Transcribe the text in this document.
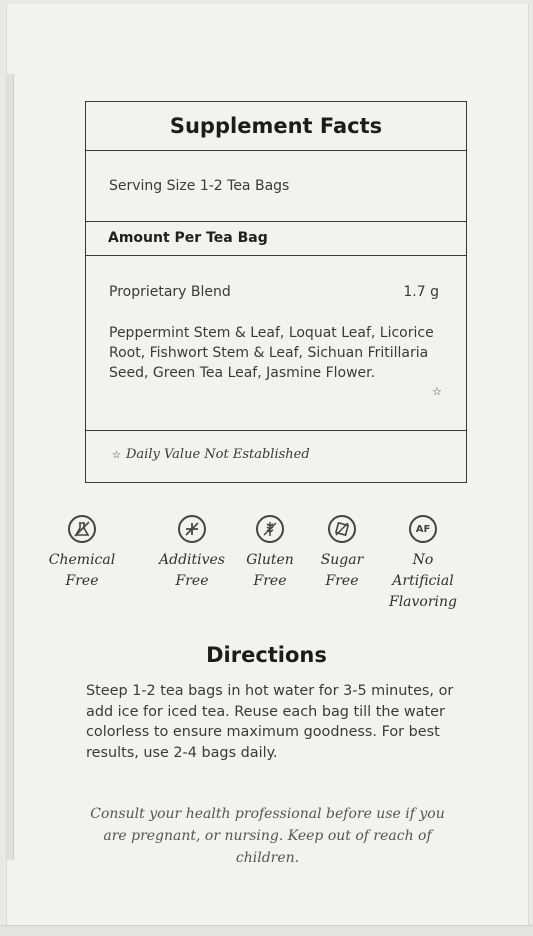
Supplement Facts
Serving Size 1-2 Tea Bags
Amount Per Tea Bag
Proprietary Blend	1.7 g
Peppermint Stem & Leaf, Loquat Leaf, Licorice Root, Fishwort Stem & Leaf, Sichuan Fritillaria Seed, Green Tea Leaf, Jasmine Flower.
☆
☆ Daily Value Not Established
Chemical
Free
Additives
Free
Gluten
Free
Sugar
Free
AF
No Artificial
Flavoring
Directions
Steep 1-2 tea bags in hot water for 3-5 minutes, or add ice for iced tea. Reuse each bag till the water colorless to ensure maximum goodness. For best results, use 2-4 bags daily.
Consult your health professional before use if you are pregnant, or nursing. Keep out of reach of children.
